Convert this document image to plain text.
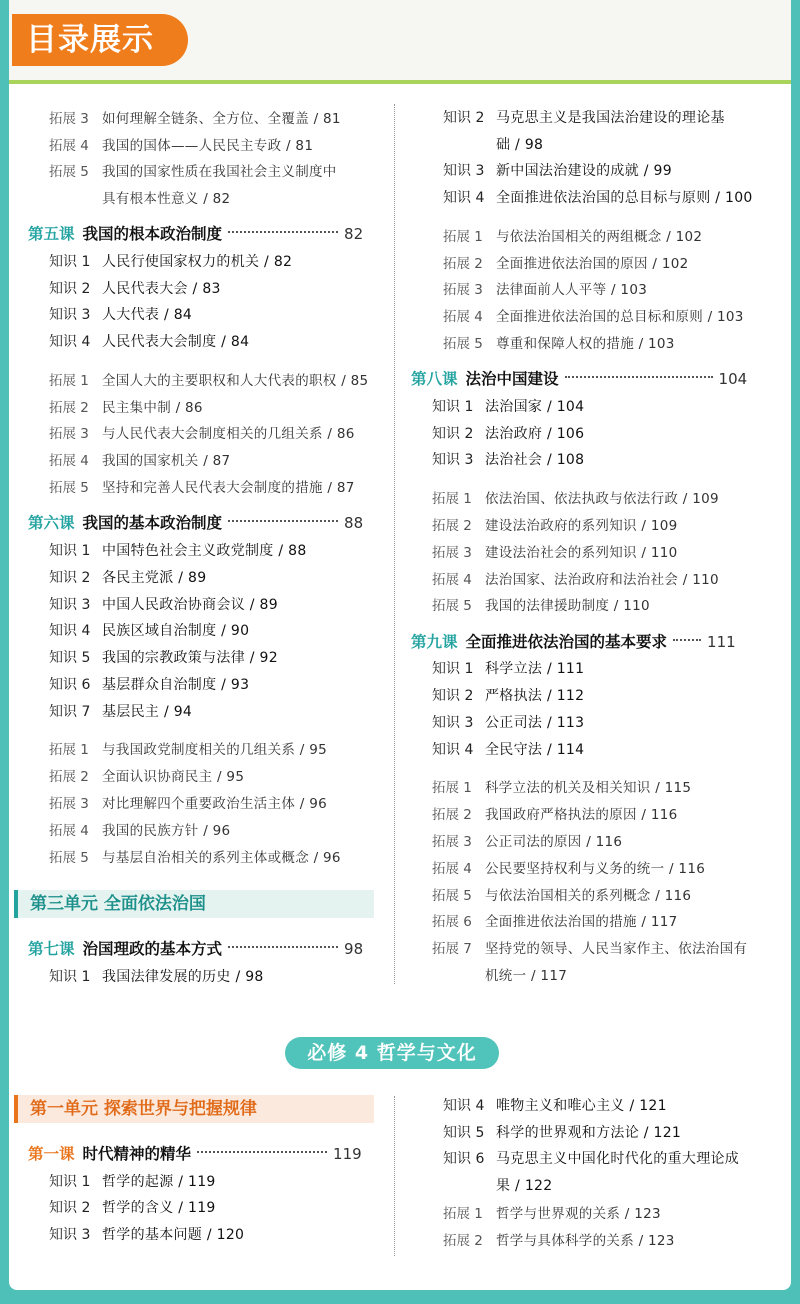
目录展示
拓展 3 如何理解全链条、全方位、全覆盖 / 81
拓展 4 我国的国体——人民民主专政 / 81
拓展 5 我国的国家性质在我国社会主义制度中
具有根本性意义 / 82
第五课 我国的根本政治制度	82
知识 1 人民行使国家权力的机关 / 82
知识 2 人民代表大会 / 83
知识 3 人大代表 / 84
知识 4 人民代表大会制度 / 84
拓展 1 全国人大的主要职权和人大代表的职权 / 85
拓展 2 民主集中制 / 86
拓展 3 与人民代表大会制度相关的几组关系 / 86
拓展 4 我国的国家机关 / 87
拓展 5 坚持和完善人民代表大会制度的措施 / 87
第六课 我国的基本政治制度	88
知识 1 中国特色社会主义政党制度 / 88
知识 2 各民主党派 / 89
知识 3 中国人民政治协商会议 / 89
知识 4 民族区域自治制度 / 90
知识 5 我国的宗教政策与法律 / 92
知识 6 基层群众自治制度 / 93
知识 7 基层民主 / 94
拓展 1 与我国政党制度相关的几组关系 / 95
拓展 2 全面认识协商民主 / 95
拓展 3 对比理解四个重要政治生活主体 / 96
拓展 4 我国的民族方针 / 96
拓展 5 与基层自治相关的系列主体或概念 / 96
第三单元 全面依法治国
第七课 治国理政的基本方式	98
知识 1 我国法律发展的历史 / 98
知识 2 马克思主义是我国法治建设的理论基
础 / 98
知识 3 新中国法治建设的成就 / 99
知识 4 全面推进依法治国的总目标与原则 / 100
拓展 1 与依法治国相关的两组概念 / 102
拓展 2 全面推进依法治国的原因 / 102
拓展 3 法律面前人人平等 / 103
拓展 4 全面推进依法治国的总目标和原则 / 103
拓展 5 尊重和保障人权的措施 / 103
第八课 法治中国建设	104
知识 1 法治国家 / 104
知识 2 法治政府 / 106
知识 3 法治社会 / 108
拓展 1 依法治国、依法执政与依法行政 / 109
拓展 2 建设法治政府的系列知识 / 109
拓展 3 建设法治社会的系列知识 / 110
拓展 4 法治国家、法治政府和法治社会 / 110
拓展 5 我国的法律援助制度 / 110
第九课 全面推进依法治国的基本要求	111
知识 1 科学立法 / 111
知识 2 严格执法 / 112
知识 3 公正司法 / 113
知识 4 全民守法 / 114
拓展 1 科学立法的机关及相关知识 / 115
拓展 2 我国政府严格执法的原因 / 116
拓展 3 公正司法的原因 / 116
拓展 4 公民要坚持权利与义务的统一 / 116
拓展 5 与依法治国相关的系列概念 / 116
拓展 6 全面推进依法治国的措施 / 117
拓展 7 坚持党的领导、人民当家作主、依法治国有
机统一 / 117
必修 4 哲学与文化
第一单元 探索世界与把握规律
第一课 时代精神的精华	119
知识 1 哲学的起源 / 119
知识 2 哲学的含义 / 119
知识 3 哲学的基本问题 / 120
知识 4 唯物主义和唯心主义 / 121
知识 5 科学的世界观和方法论 / 121
知识 6 马克思主义中国化时代化的重大理论成
果 / 122
拓展 1 哲学与世界观的关系 / 123
拓展 2 哲学与具体科学的关系 / 123
